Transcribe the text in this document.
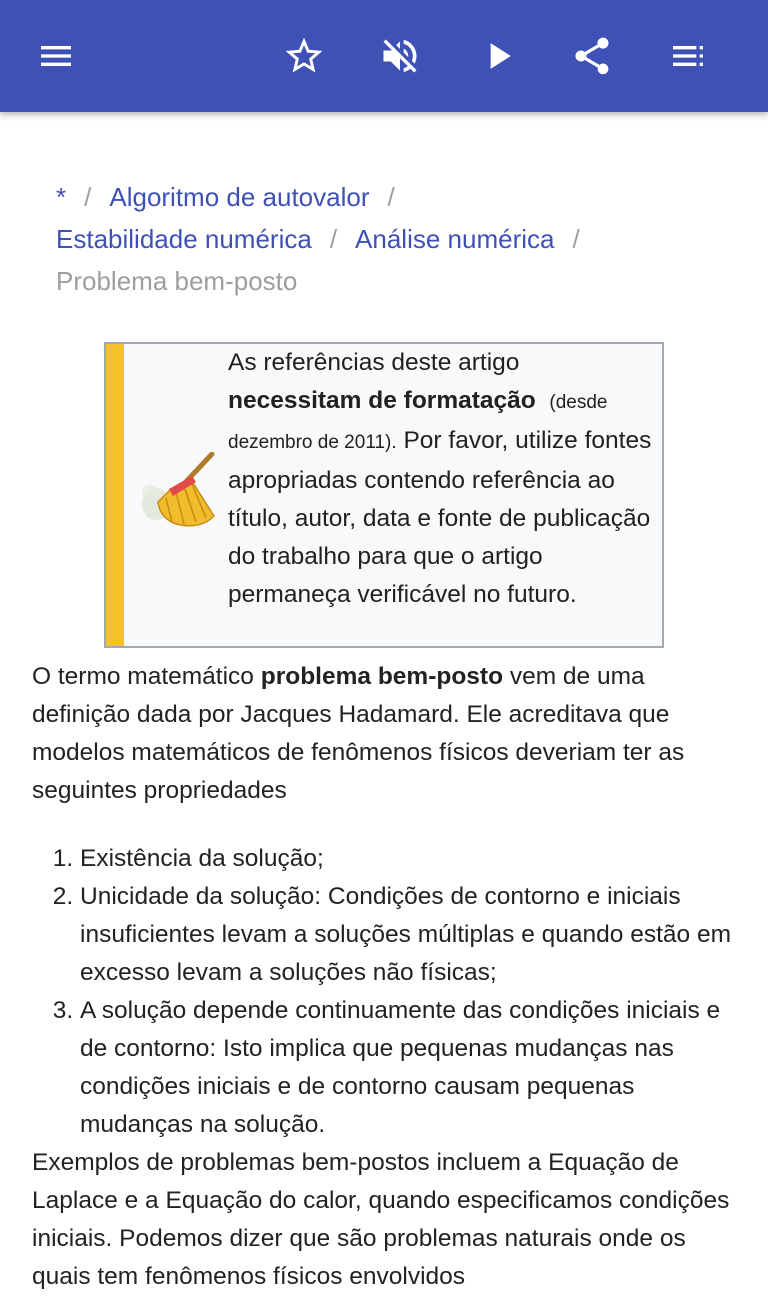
* / Algoritmo de autovalor /
Estabilidade numérica / Análise numérica /
Problema bem-posto
As referências deste artigo
necessitam de formatação (desde dezembro de 2011). Por favor, utilize fontes apropriadas contendo referência ao título, autor, data e fonte de publicação do trabalho para que o artigo permaneça verificável no futuro.

O termo matemático problema bem-posto vem de uma definição dada por Jacques Hadamard. Ele acreditava que modelos matemáticos de fenômenos físicos deveriam ter as seguintes propriedades

1. Existência da solução;
2. Unicidade da solução: Condições de contorno e iniciais insuficientes levam a soluções múltiplas e quando estão em excesso levam a soluções não físicas;
3. A solução depende continuamente das condições iniciais e de contorno: Isto implica que pequenas mudanças nas condições iniciais e de contorno causam pequenas mudanças na solução.

Exemplos de problemas bem-postos incluem a Equação de Laplace e a Equação do calor, quando especificamos condições iniciais. Podemos dizer que são problemas naturais onde os quais tem fenômenos físicos envolvidos
